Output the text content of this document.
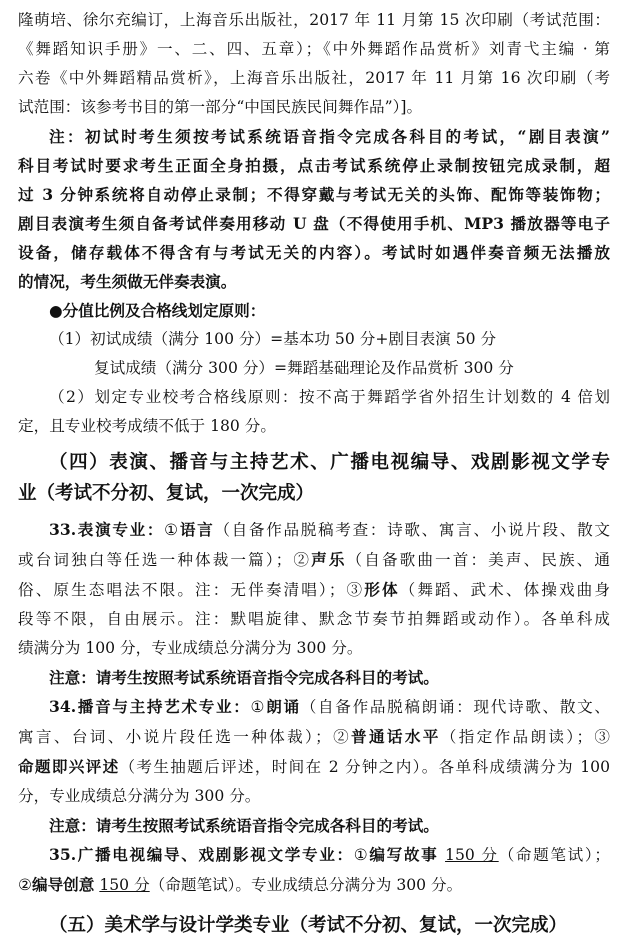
隆萌培、徐尔充编订，上海音乐出版社，2017 年 11 月第 15 次印刷（考试范围：
《舞蹈知识手册》一、二、四、五章）；《中外舞蹈作品赏析》刘青弋主编 · 第
六卷《中外舞蹈精品赏析》，上海音乐出版社，2017 年 11 月第 16 次印刷（考
试范围：该参考书目的第一部分“中国民族民间舞作品”）]。

注：初试时考生须按考试系统语音指令完成各科目的考试，“剧目表演”
科目考试时要求考生正面全身拍摄，点击考试系统停止录制按钮完成录制，超
过 3 分钟系统将自动停止录制；不得穿戴与考试无关的头饰、配饰等装饰物；
剧目表演考生须自备考试伴奏用移动 U 盘（不得使用手机、MP3 播放器等电子
设备，储存载体不得含有与考试无关的内容）。考试时如遇伴奏音频无法播放
的情况，考生须做无伴奏表演。

●分值比例及合格线划定原则：
（1）初试成绩（满分 100 分）=基本功 50 分+剧目表演 50 分
复试成绩（满分 300 分）=舞蹈基础理论及作品赏析 300 分
（2）划定专业校考合格线原则：按不高于舞蹈学省外招生计划数的 4 倍划
定，且专业校考成绩不低于 180 分。

（四）表演、播音与主持艺术、广播电视编导、戏剧影视文学专
业（考试不分初、复试，一次完成）

33.表演专业：①语言（自备作品脱稿考查：诗歌、寓言、小说片段、散文
或台词独白等任选一种体裁一篇）；②声乐（自备歌曲一首：美声、民族、通
俗、原生态唱法不限。注：无伴奏清唱）；③形体（舞蹈、武术、体操戏曲身
段等不限，自由展示。注：默唱旋律、默念节奏节拍舞蹈或动作）。各单科成
绩满分为 100 分，专业成绩总分满分为 300 分。
注意：请考生按照考试系统语音指令完成各科目的考试。

34.播音与主持艺术专业：①朗诵（自备作品脱稿朗诵：现代诗歌、散文、
寓言、台词、小说片段任选一种体裁）；②普通话水平（指定作品朗读）；③
命题即兴评述（考生抽题后评述，时间在 2 分钟之内）。各单科成绩满分为 100
分，专业成绩总分满分为 300 分。
注意：请考生按照考试系统语音指令完成各科目的考试。

35.广播电视编导、戏剧影视文学专业：①编写故事 150 分（命题笔试）；
②编导创意 150 分（命题笔试）。专业成绩总分满分为 300 分。

（五）美术学与设计学类专业（考试不分初、复试，一次完成）
